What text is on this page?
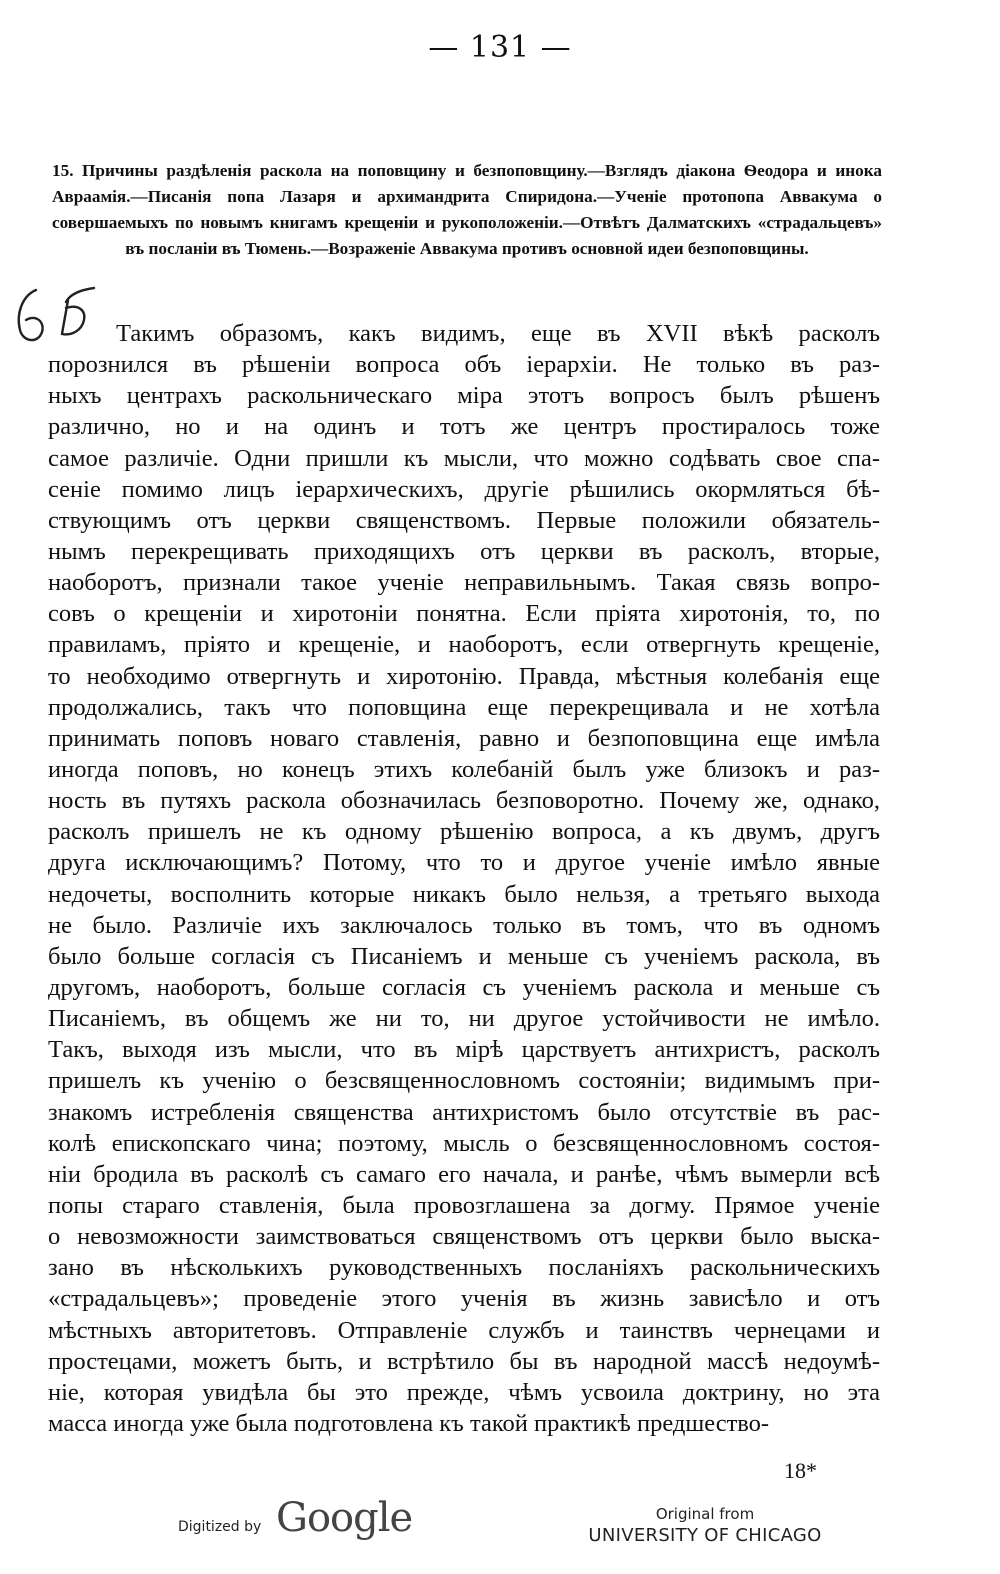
— 131 —
15. Причины раздѣленія раскола на поповщину и безпоповщину.—Взглядъ діакона Ѳеодора и инока Авраамія.—Писанія попа Лазаря и архимандрита Спиридона.—Ученіе протопопа Аввакума о совершаемыхъ по новымъ книгамъ крещеніи и рукоположеніи.—Отвѣтъ Далматскихъ «страдальцевъ» въ посланіи въ Тюмень.—Возраженіе Аввакума противъ основной идеи безпоповщины.
Такимъ образомъ, какъ видимъ, еще въ XVII вѣкѣ расколъ
порознился въ рѣшеніи вопроса объ іерархіи. Не только въ раз-
ныхъ центрахъ раскольническаго міра этотъ вопросъ былъ рѣшенъ
различно, но и на одинъ и тотъ же центръ простиралось тоже
самое различіе. Одни пришли къ мысли, что можно содѣвать свое спа-
сеніе помимо лицъ іерархическихъ, другіе рѣшились окормляться бѣ-
ствующимъ отъ церкви священствомъ. Первые положили обязатель-
нымъ перекрещивать приходящихъ отъ церкви въ расколъ, вторые,
наоборотъ, признали такое ученіе неправильнымъ. Такая связь вопро-
совъ о крещеніи и хиротоніи понятна. Если прiята хиротонія, то, по
правиламъ, пріято и крещеніе, и наоборотъ, если отвергнуть крещеніе,
то необходимо отвергнуть и хиротонію. Правда, мѣстныя колебанія еще
продолжались, такъ что поповщина еще перекрещивала и не хотѣла
принимать поповъ новаго ставленія, равно и безпоповщина еще имѣла
иногда поповъ, но конецъ этихъ колебаній былъ уже близокъ и раз-
ность въ путяхъ раскола обозначилась безповоротно. Почему же, однако,
расколъ пришелъ не къ одному рѣшенію вопроса, а къ двумъ, другъ
друга исключающимъ? Потому, что то и другое ученіе имѣло явные
недочеты, восполнить которые никакъ было нельзя, а третьяго выхода
не было. Различіе ихъ заключалось только въ томъ, что въ одномъ
было больше согласія съ Писаніемъ и меньше съ ученіемъ раскола, въ
другомъ, наоборотъ, больше согласія съ ученіемъ раскола и меньше съ
Писаніемъ, въ общемъ же ни то, ни другое устойчивости не имѣло.
Такъ, выходя изъ мысли, что въ мірѣ царствуетъ антихристъ, расколъ
пришелъ къ ученію о безсвященнословномъ состояніи; видимымъ при-
знакомъ истребленія священства антихристомъ было отсутствіе въ рас-
колѣ епископскаго чина; поэтому, мысль о безсвященнословномъ состоя-
ніи бродила въ расколѣ съ самаго его начала, и ранѣе, чѣмъ вымерли всѣ
попы стараго ставленія, была провозглашена за догму. Прямое ученіе
о невозможности заимствоваться священствомъ отъ церкви было выска-
зано въ нѣсколькихъ руководственныхъ посланіяхъ раскольническихъ
«страдальцевъ»; проведеніе этого ученія въ жизнь зависѣло и отъ
мѣстныхъ авторитетовъ. Отправленіе службъ и таинствъ чернецами и
простецами, можетъ быть, и встрѣтило бы въ народной массѣ недоумѣ-
ніе, которая увидѣла бы это прежде, чѣмъ усвоила доктрину, но эта
масса иногда уже была подготовлена къ такой практикѣ предшество-
18*
Digitized by Google	Original from
UNIVERSITY OF CHICAGO
